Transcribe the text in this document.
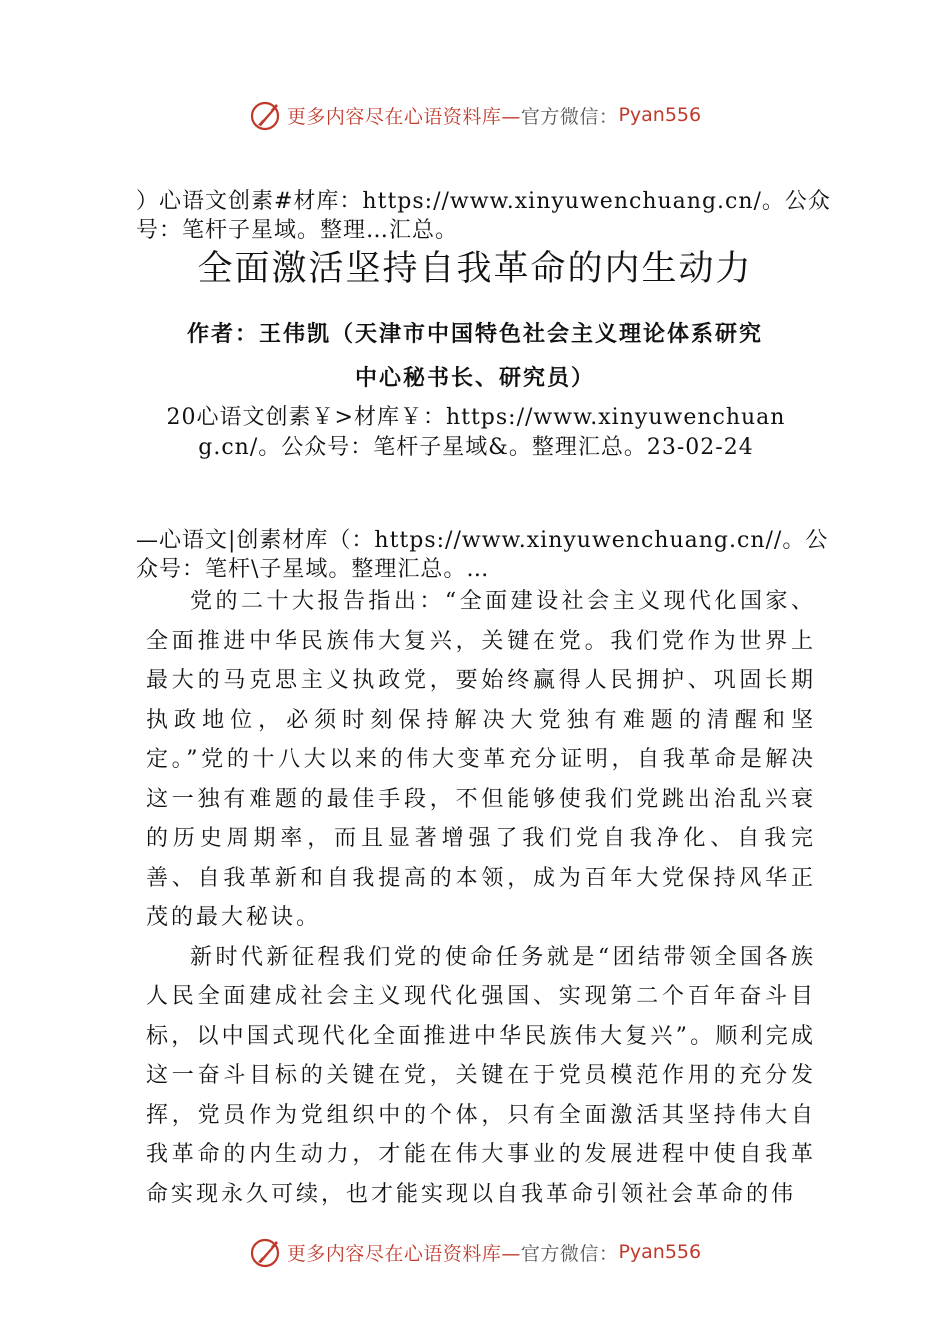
更多内容尽在心语资料库— 官方微信： Pyan556
）心语文创素#材库：https://www.xinyuwenchuang.cn/。公众号：笔杆子星域。整理…汇总。
全面激活坚持自我革命的内生动力
作者：王伟凯（天津市中国特色社会主义理论体系研究
中心秘书长、研究员）
20心语文创素￥>材库￥：https://www.xinyuwenchuang.cn/。公众号：笔杆子星域&。整理汇总。23-02-24
—心语文|创素材库（：https://www.xinyuwenchuang.cn//。公众号：笔杆\子星域。整理汇总。…

党的二十大报告指出：“全面建设社会主义现代化国家、全面推进中华民族伟大复兴，关键在党。我们党作为世界上最大的马克思主义执政党，要始终赢得人民拥护、巩固长期执政地位，必须时刻保持解决大党独有难题的清醒和坚定。”党的十八大以来的伟大变革充分证明，自我革命是解决这一独有难题的最佳手段，不但能够使我们党跳出治乱兴衰的历史周期率，而且显著增强了我们党自我净化、自我完善、自我革新和自我提高的本领，成为百年大党保持风华正茂的最大秘诀。

新时代新征程我们党的使命任务就是“团结带领全国各族人民全面建成社会主义现代化强国、实现第二个百年奋斗目标，以中国式现代化全面推进中华民族伟大复兴”。顺利完成这一奋斗目标的关键在党，关键在于党员模范作用的充分发挥，党员作为党组织中的个体，只有全面激活其坚持伟大自我革命的内生动力，才能在伟大事业的发展进程中使自我革命实现永久可续，也才能实现以自我革命引领社会革命的伟

更多内容尽在心语资料库— 官方微信： Pyan556
